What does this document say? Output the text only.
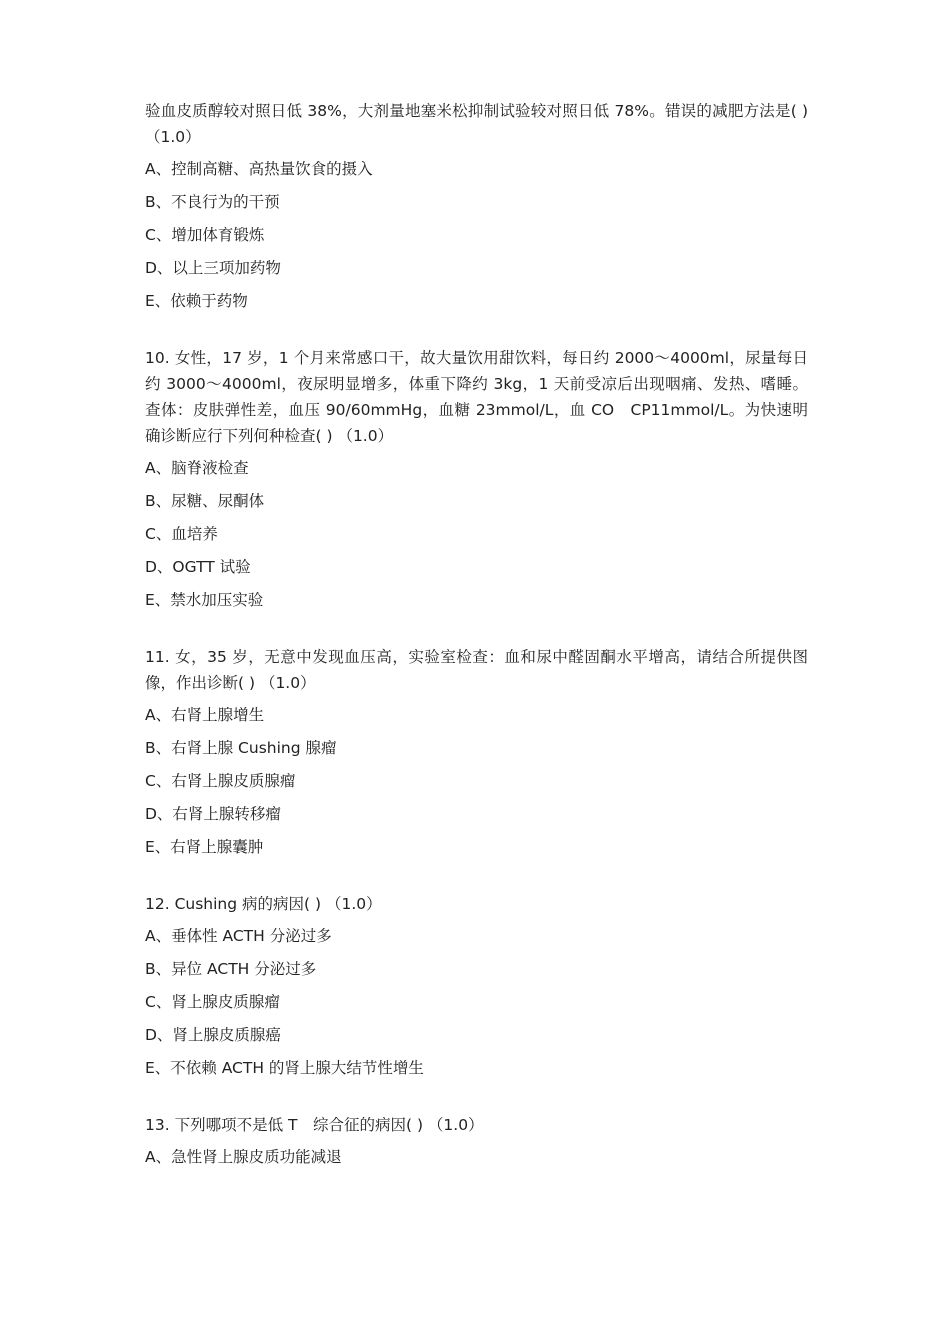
验血皮质醇较对照日低 38%，大剂量地塞米松抑制试验较对照日低 78%。错误的减肥方法是( ) （1.0）

A、控制高糖、高热量饮食的摄入
B、不良行为的干预
C、增加体育锻炼
D、以上三项加药物
E、依赖于药物

10. 女性，17 岁，1 个月来常感口干，故大量饮用甜饮料，每日约 2000～4000ml，尿量每日约 3000～4000ml，夜尿明显增多，体重下降约 3kg，1 天前受凉后出现咽痛、发热、嗜睡。查体：皮肤弹性差，血压 90/60mmHg，血糖 23mmol/L，血 CO　CP11mmol/L。为快速明确诊断应行下列何种检查( ) （1.0）

A、脑脊液检查
B、尿糖、尿酮体
C、血培养
D、OGTT 试验
E、禁水加压实验

11. 女，35 岁，无意中发现血压高，实验室检查：血和尿中醛固酮水平增高，请结合所提供图像，作出诊断( ) （1.0）

A、右肾上腺增生
B、右肾上腺 Cushing 腺瘤
C、右肾上腺皮质腺瘤
D、右肾上腺转移瘤
E、右肾上腺囊肿

12. Cushing 病的病因( ) （1.0）

A、垂体性 ACTH 分泌过多
B、异位 ACTH 分泌过多
C、肾上腺皮质腺瘤
D、肾上腺皮质腺癌
E、不依赖 ACTH 的肾上腺大结节性增生

13. 下列哪项不是低 T　综合征的病因( ) （1.0）

A、急性肾上腺皮质功能减退
